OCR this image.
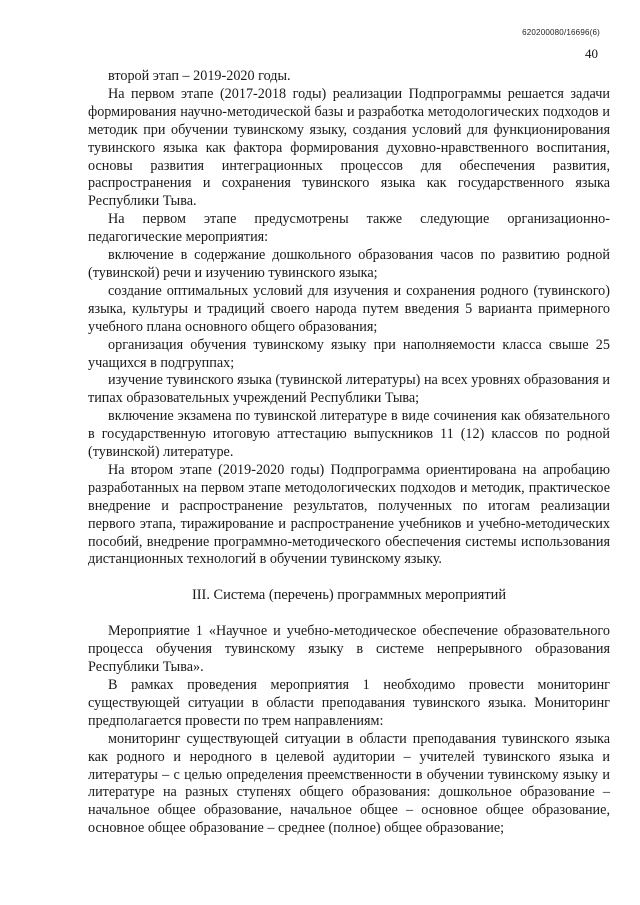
620200080/16696(6)
40

второй этап – 2019-2020 годы.

На первом этапе (2017-2018 годы) реализации Подпрограммы решается задачи формирования научно-методической базы и разработка методологических подходов и методик при обучении тувинскому языку, создания условий для функционирования тувинского языка как фактора формирования духовно-нравственного воспитания, основы развития интеграционных процессов для обеспечения развития, распространения и сохранения тувинского языка как государственного языка Республики Тыва.

На первом этапе предусмотрены также следующие организационно-педагогические мероприятия:

включение в содержание дошкольного образования часов по развитию родной (тувинской) речи и изучению тувинского языка;

создание оптимальных условий для изучения и сохранения родного (тувинского) языка, культуры и традиций своего народа путем введения 5 варианта примерного учебного плана основного общего образования;

организация обучения тувинскому языку при наполняемости класса свыше 25 учащихся в подгруппах;

изучение тувинского языка (тувинской литературы) на всех уровнях образования и типах образовательных учреждений Республики Тыва;

включение экзамена по тувинской литературе в виде сочинения как обязательного в государственную итоговую аттестацию выпускников 11 (12) классов по родной (тувинской) литературе.

На втором этапе (2019-2020 годы) Подпрограмма ориентирована на апробацию разработанных на первом этапе методологических подходов и методик, практическое внедрение и распространение результатов, полученных по итогам реализации первого этапа, тиражирование и распространение учебников и учебно-методических пособий, внедрение программно-методического обеспечения системы использования дистанционных технологий в обучении тувинскому языку.

III. Система (перечень) программных мероприятий

Мероприятие 1 «Научное и учебно-методическое обеспечение образовательного процесса обучения тувинскому языку в системе непрерывного образования Республики Тыва».

В рамках проведения мероприятия 1 необходимо провести мониторинг существующей ситуации в области преподавания тувинского языка. Мониторинг предполагается провести по трем направлениям:

мониторинг существующей ситуации в области преподавания тувинского языка как родного и неродного в целевой аудитории – учителей тувинского языка и литературы – с целью определения преемственности в обучении тувинскому языку и литературе на разных ступенях общего образования: дошкольное образование – начальное общее образование, начальное общее – основное общее образование, основное общее образование – среднее (полное) общее образование;
